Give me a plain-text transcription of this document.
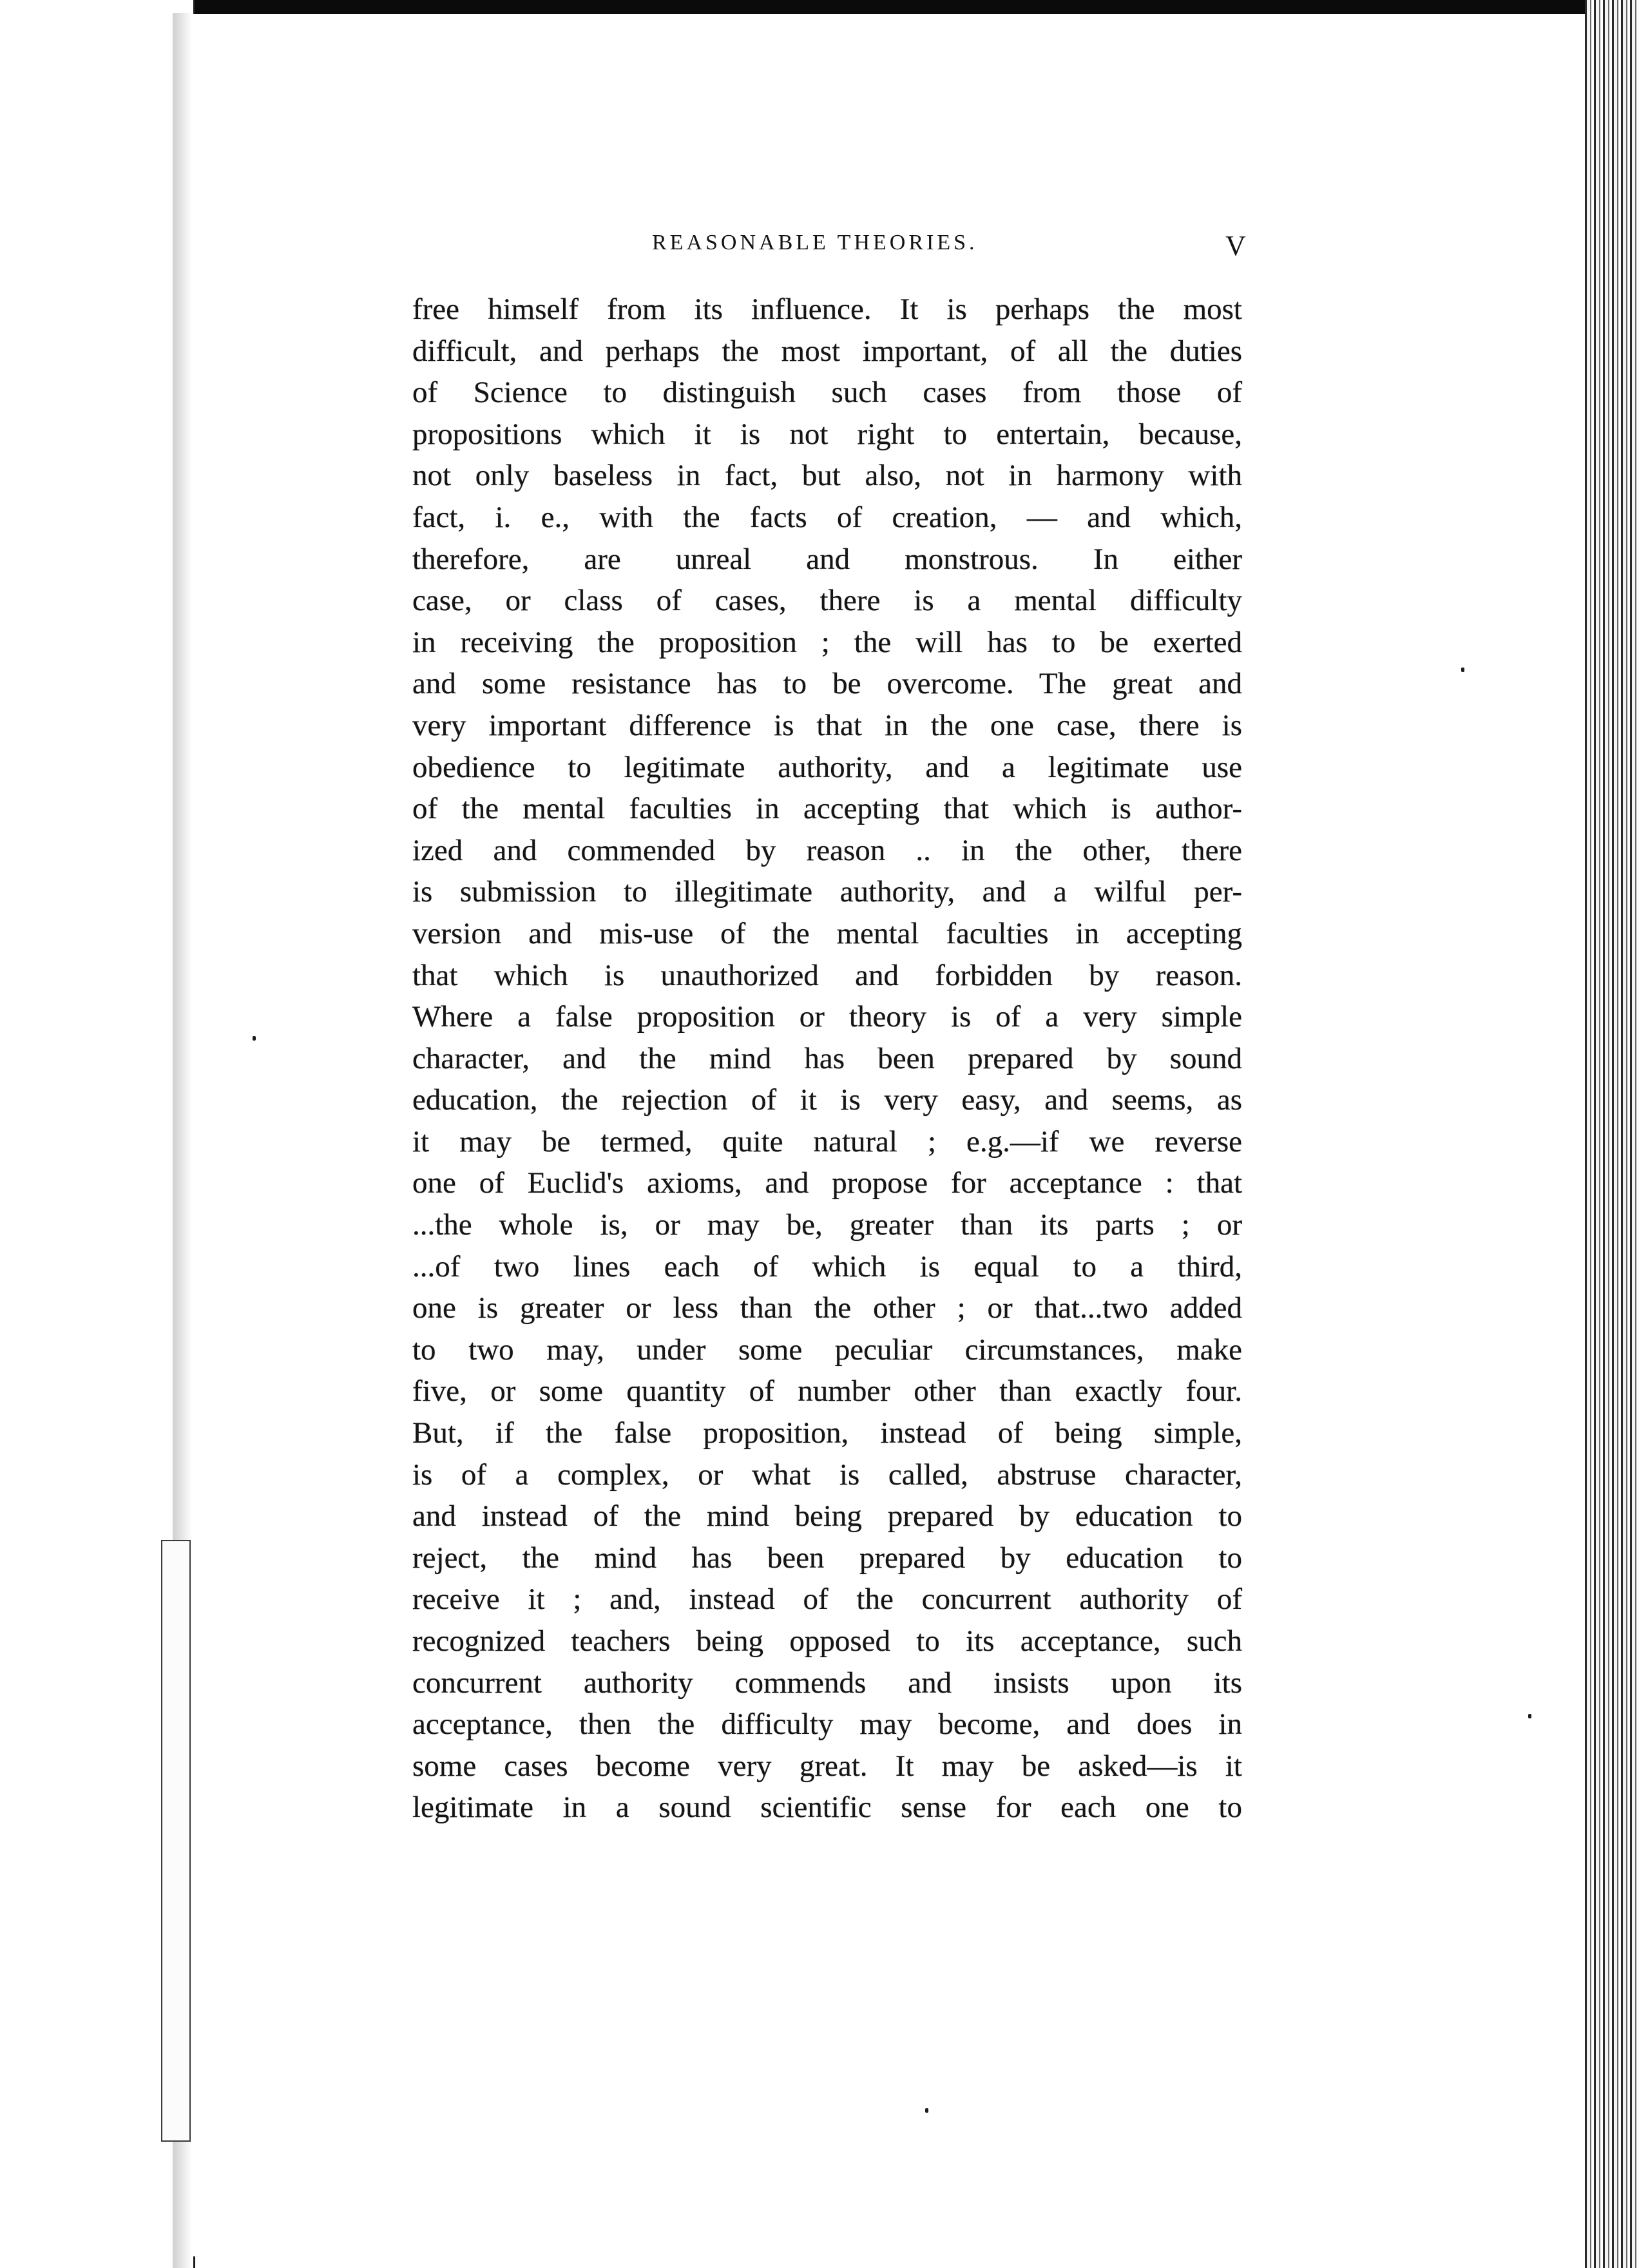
REASONABLE THEORIES.	V
free himself from its influence. It is perhaps the most
difficult, and perhaps the most important, of all the duties
of Science to distinguish such cases from those of
propositions which it is not right to entertain, because,
not only baseless in fact, but also, not in harmony with
fact, i. e., with the facts of creation, — and which,
therefore, are unreal and monstrous. In either
case, or class of cases, there is a mental difficulty
in receiving the proposition ; the will has to be exerted
and some resistance has to be overcome. The great and
very important difference is that in the one case, there is
obedience to legitimate authority, and a legitimate use
of the mental faculties in accepting that which is author-
ized and commended by reason .. in the other, there
is submission to illegitimate authority, and a wilful per-
version and mis-use of the mental faculties in accepting
that which is unauthorized and forbidden by reason.
Where a false proposition or theory is of a very simple
character, and the mind has been prepared by sound
education, the rejection of it is very easy, and seems, as
it may be termed, quite natural ; e.g.—if we reverse
one of Euclid's axioms, and propose for acceptance : that
...the whole is, or may be, greater than its parts ; or
...of two lines each of which is equal to a third,
one is greater or less than the other ; or that...two added
to two may, under some peculiar circumstances, make
five, or some quantity of number other than exactly four.
But, if the false proposition, instead of being simple,
is of a complex, or what is called, abstruse character,
and instead of the mind being prepared by education to
reject, the mind has been prepared by education to
receive it ; and, instead of the concurrent authority of
recognized teachers being opposed to its acceptance, such
concurrent authority commends and insists upon its
acceptance, then the difficulty may become, and does in
some cases become very great. It may be asked—is it
legitimate in a sound scientific sense for each one to
